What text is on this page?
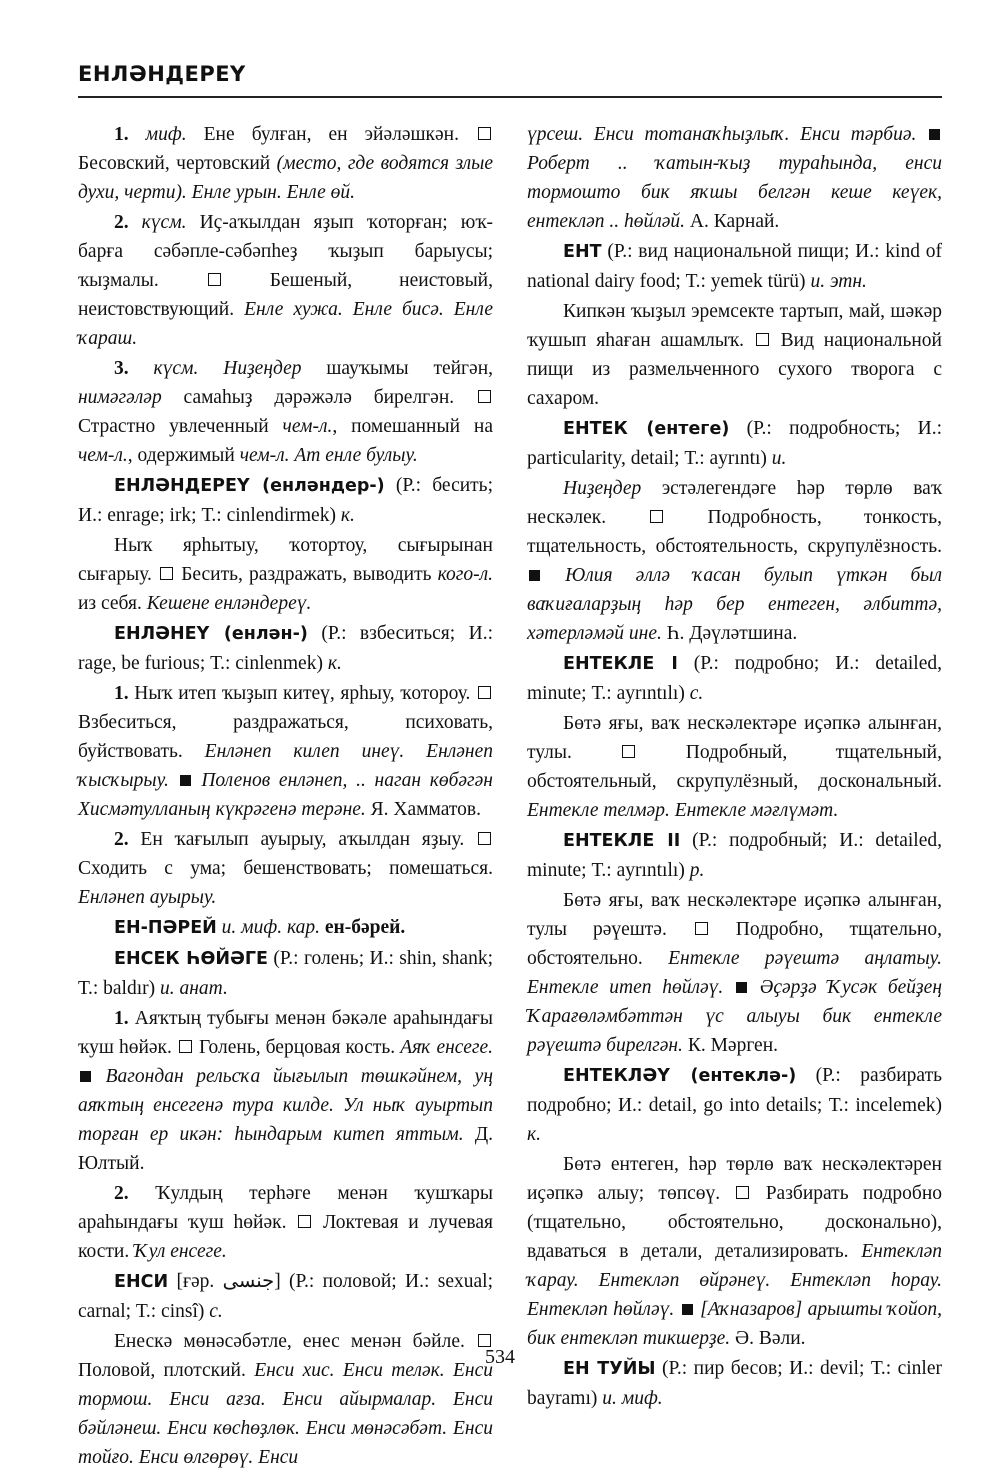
ЕНЛӘНДЕРЕҮ

1. миф. Ене булған, ен эйәләшкән.  Бесовский, чертовский (место, где водятся злые духи, черти). Енле урын. Енле өй.

2. күсм. Иҫ-аҡылдан яҙып ҡоторған; юҡ-барға сәбәпле-сәбәпһеҙ ҡыҙып барыусы; ҡыҙмалы.  Бешеный, неистовый, неистовствующий. Енле хужа. Енле бисә. Енле ҡараш.

3. күсм. Ниҙеңдер шауҡымы тейгән, нимәгәләр самаһыҙ дәрәжәлә бирелгән.  Страстно увлеченный чем-л., помешанный на чем-л., одержимый чем-л. Ат енле булыу.

ЕНЛӘНДЕРЕҮ (енләндер-) (Р.: бесить; И.: enrage; irk; Т.: cinlendirmek) к.

Ныҡ ярһытыу, ҡотортоу, сығырынан сығарыу.  Бесить, раздражать, выводить кого-л. из себя. Кешене енләндереү.

ЕНЛӘНЕҮ (енлән-) (Р.: взбеситься; И.: rage, be furious; Т.: cinlenmek) к.

1. Ныҡ итеп ҡыҙып китеү, ярһыу, ҡотороу.  Взбеситься, раздражаться, психовать, буйствовать. Енләнеп килеп инеү. Енләнеп ҡысҡырыу.  Поленов енләнеп, .. наган көбәгән Хисмәтулланың күкрәгенә терәне. Я. Хамматов.

2. Ен ҡағылып ауырыу, аҡылдан яҙыу.  Сходить с ума; бешенствовать; помешаться. Енләнеп ауырыу.

ЕН-ПӘРЕЙ и. миф. кар. ен-бәрей.

ЕНСЕК ҺӨЙӘГЕ (Р.: голень; И.: shin, shank; Т.: baldır) и. анат.

1. Аяҡтың тубығы менән бәкәле араһындағы ҡуш һөйәк.  Голень, берцовая кость. Аяҡ енсеге.  Вагондан рельсҡа йығылып төшкәйнем, уң аяҡтың енсегенә тура килде. Ул ныҡ ауыртып торған ер икән: һындарым китеп яттым. Д. Юлтый.

2. Ҡулдың терһәге менән ҡушҡары араһындағы ҡуш һөйәк.  Локтевая и лучевая кости. Ҡул енсеге.

ЕНСИ [ғәр. جنسى] (Р.: половой; И.: sexual; carnal; Т.: cinsî) с.

Енескә мөнәсәбәтле, енес менән бәйле.  Половой, плотский. Енси хис. Енси теләк. Енси тормош. Енси ағза. Енси айырмалар. Енси бәйләнеш. Енси көсһөҙлөк. Енси мөнәсәбәт. Енси тойғо. Енси өлгөрөү. Енси

үрсеш. Енси тотанаҡһыҙлыҡ. Енси тәрбиә.  Роберт .. ҡатын-ҡыҙ тураһында, енси тормошто бик яҡшы белгән кеше кеүек, ентекләп .. һөйләй. А. Карнай.

ЕНТ (Р.: вид национальной пищи; И.: kind of national dairy food; Т.: yemek türü) и. этн.

Кипкән ҡыҙыл эремсекте тартып, май, шәкәр ҡушып яһаған ашамлыҡ.  Вид национальной пищи из размельченного сухого творога с сахаром.

ЕНТЕК (ентеге) (Р.: подробность; И.: particularity, detail; Т.: ayrıntı) и.

Ниҙеңдер эстәлегендәге һәр төрлө ваҡ нескәлек.  Подробность, тонкость, тщательность, обстоятельность, скрупулёзность.  Юлия әллә ҡасан булып үткән был ваҡиғаларҙың һәр бер ентеген, әлбиттә, хәтерләмәй ине. Һ. Дәүләтшина.

ЕНТЕКЛЕ I (Р.: подробно; И.: detailed, minute; Т.: ayrıntılı) с.

Бөтә яғы, ваҡ нескәлектәре иҫәпкә алынған, тулы.  Подробный, тщательный, обстоятельный, скрупулёзный, доскональный. Ентекле телмәр. Ентекле мәғлүмәт.

ЕНТЕКЛЕ II (Р.: подробный; И.: detailed, minute; Т.: ayrıntılı) р.

Бөтә яғы, ваҡ нескәлектәре иҫәпкә алынған, тулы рәүештә.  Подробно, тщательно, обстоятельно. Ентекле рәүештә аңлатыу. Ентекле итеп һөйләү.  Әҫәрҙә Ҡусәк бейҙең Ҡарағөләмбәттән үс алыуы бик ентекле рәүештә бирелгән. К. Мәрген.

ЕНТЕКЛӘҮ (ентеклә-) (Р.: разбирать подробно; И.: detail, go into details; Т.: incelemek) к.

Бөтә ентеген, һәр төрлө ваҡ нескәлектәрен иҫәпкә алыу; төпсөү.  Разбирать подробно (тщательно, обстоятельно, досконально), вдаваться в детали, детализировать. Ентекләп ҡарау. Ентекләп өйрәнеү. Ентекләп һорау. Ентекләп һөйләү.  [Аҡназаров] арышты ҡойоп, бик ентекләп тикшерҙе. Ә. Вәли.

ЕН ТУЙЫ (Р.: пир бесов; И.: devil; Т.: cinler bayramı) и. миф.

534
